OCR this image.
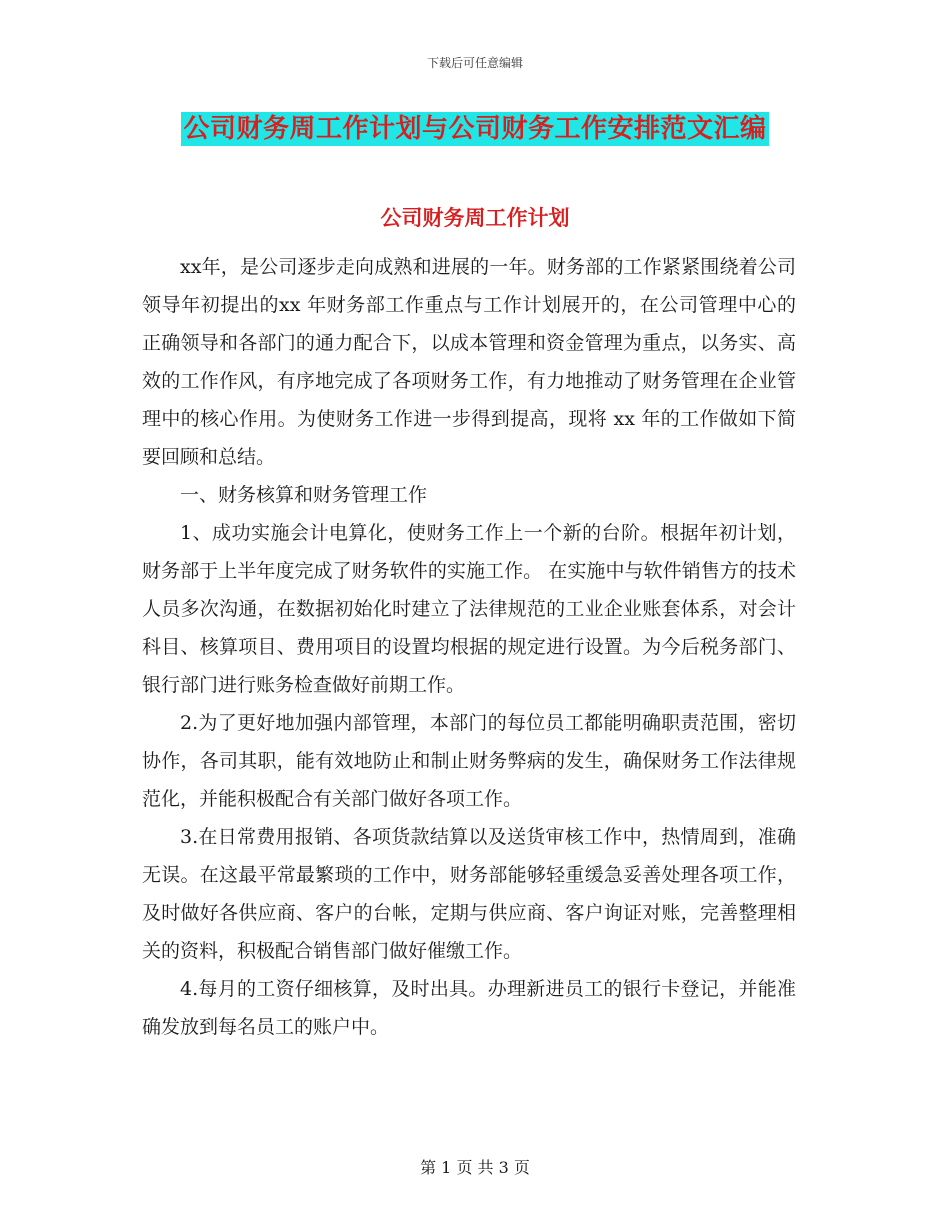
下载后可任意编辑
公司财务周工作计划与公司财务工作安排范文汇编
公司财务周工作计划

xx年，是公司逐步走向成熟和进展的一年。财务部的工作紧紧围绕着公司领导年初提出的xx 年财务部工作重点与工作计划展开的，在公司管理中心的正确领导和各部门的通力配合下，以成本管理和资金管理为重点，以务实、高效的工作作风，有序地完成了各项财务工作，有力地推动了财务管理在企业管理中的核心作用。为使财务工作进一步得到提高，现将 xx 年的工作做如下简要回顾和总结。

一、财务核算和财务管理工作

1、成功实施会计电算化，使财务工作上一个新的台阶。根据年初计划，财务部于上半年度完成了财务软件的实施工作。 在实施中与软件销售方的技术人员多次沟通，在数据初始化时建立了法律规范的工业企业账套体系，对会计科目、核算项目、费用项目的设置均根据的规定进行设置。为今后税务部门、银行部门进行账务检查做好前期工作。

2.为了更好地加强内部管理，本部门的每位员工都能明确职责范围，密切协作，各司其职，能有效地防止和制止财务弊病的发生，确保财务工作法律规范化，并能积极配合有关部门做好各项工作。

3.在日常费用报销、各项货款结算以及送货审核工作中，热情周到，准确无误。在这最平常最繁琐的工作中，财务部能够轻重缓急妥善处理各项工作，及时做好各供应商、客户的台帐，定期与供应商、客户询证对账，完善整理相关的资料，积极配合销售部门做好催缴工作。

4.每月的工资仔细核算，及时出具。办理新进员工的银行卡登记，并能准确发放到每名员工的账户中。

第 1 页 共 3 页
